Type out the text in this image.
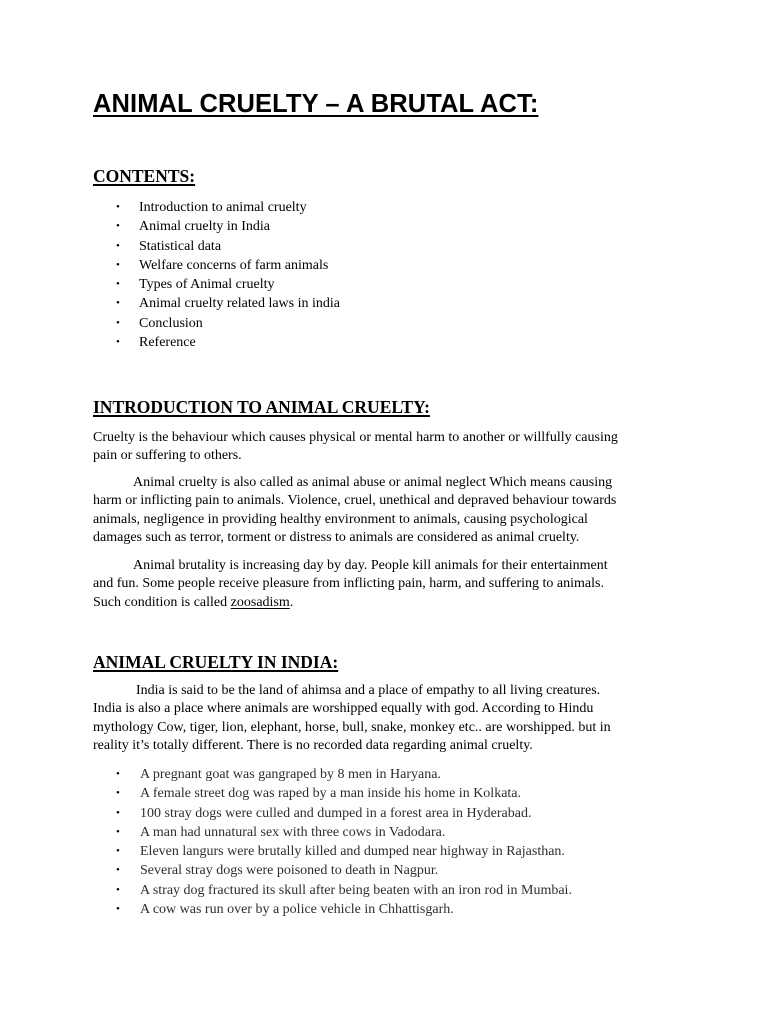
ANIMAL CRUELTY – A BRUTAL ACT:
CONTENTS:
• Introduction to animal cruelty
• Animal cruelty in India
• Statistical data
• Welfare concerns of farm animals
• Types of Animal cruelty
• Animal cruelty related laws in india
• Conclusion
• Reference
INTRODUCTION TO ANIMAL CRUELTY:

Cruelty is the behaviour which causes physical or mental harm to another or willfully causing
pain or suffering to others.

Animal cruelty is also called as animal abuse or animal neglect Which means causing
harm or inflicting pain to animals. Violence, cruel, unethical and depraved behaviour towards
animals, negligence in providing healthy environment to animals, causing psychological
damages such as terror, torment or distress to animals are considered as animal cruelty.

Animal brutality is increasing day by day. People kill animals for their entertainment
and fun. Some people receive pleasure from inflicting pain, harm, and suffering to animals.
Such condition is called zoosadism.

ANIMAL CRUELTY IN INDIA:

India is said to be the land of ahimsa and a place of empathy to all living creatures.
India is also a place where animals are worshipped equally with god. According to Hindu
mythology Cow, tiger, lion, elephant, horse, bull, snake, monkey etc.. are worshipped. but in
reality it’s totally different. There is no recorded data regarding animal cruelty.

• A pregnant goat was gangraped by 8 men in Haryana.
• A female street dog was raped by a man inside his home in Kolkata.
• 100 stray dogs were culled and dumped in a forest area in Hyderabad.
• A man had unnatural sex with three cows in Vadodara.
• Eleven langurs were brutally killed and dumped near highway in Rajasthan.
• Several stray dogs were poisoned to death in Nagpur.
• A stray dog fractured its skull after being beaten with an iron rod in Mumbai.
• A cow was run over by a police vehicle in Chhattisgarh.
